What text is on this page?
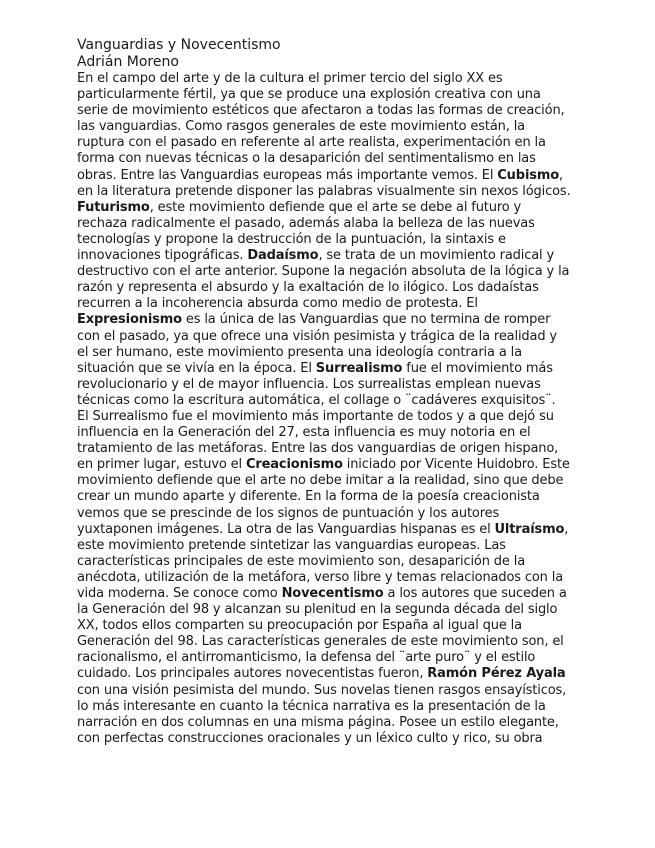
Vanguardias y Novecentismo
Adrián Moreno
En el campo del arte y de la cultura el primer tercio del siglo XX es
particularmente fértil, ya que se produce una explosión creativa con una
serie de movimiento estéticos que afectaron a todas las formas de creación,
las vanguardias. Como rasgos generales de este movimiento están, la
ruptura con el pasado en referente al arte realista, experimentación en la
forma con nuevas técnicas o la desaparición del sentimentalismo en las
obras. Entre las Vanguardias europeas más importante vemos. El Cubismo,
en la literatura pretende disponer las palabras visualmente sin nexos lógicos.
Futurismo, este movimiento defiende que el arte se debe al futuro y
rechaza radicalmente el pasado, además alaba la belleza de las nuevas
tecnologías y propone la destrucción de la puntuación, la sintaxis e
innovaciones tipográficas. Dadaísmo, se trata de un movimiento radical y
destructivo con el arte anterior. Supone la negación absoluta de la lógica y la
razón y representa el absurdo y la exaltación de lo ilógico. Los dadaístas
recurren a la incoherencia absurda como medio de protesta. El
Expresionismo es la única de las Vanguardias que no termina de romper
con el pasado, ya que ofrece una visión pesimista y trágica de la realidad y
el ser humano, este movimiento presenta una ideología contraria a la
situación que se vivía en la época. El Surrealismo fue el movimiento más
revolucionario y el de mayor influencia. Los surrealistas emplean nuevas
técnicas como la escritura automática, el collage o ¨cadáveres exquisitos¨.
El Surrealismo fue el movimiento más importante de todos y a que dejó su
influencia en la Generación del 27, esta influencia es muy notoria en el
tratamiento de las metáforas. Entre las dos vanguardias de origen hispano,
en primer lugar, estuvo el Creacionismo iniciado por Vicente Huidobro. Este
movimiento defiende que el arte no debe imitar a la realidad, sino que debe
crear un mundo aparte y diferente. En la forma de la poesía creacionista
vemos que se prescinde de los signos de puntuación y los autores
yuxtaponen imágenes. La otra de las Vanguardias hispanas es el Ultraísmo,
este movimiento pretende sintetizar las vanguardias europeas. Las
características principales de este movimiento son, desaparición de la
anécdota, utilización de la metáfora, verso libre y temas relacionados con la
vida moderna. Se conoce como Novecentismo a los autores que suceden a
la Generación del 98 y alcanzan su plenitud en la segunda década del siglo
XX, todos ellos comparten su preocupación por España al igual que la
Generación del 98. Las características generales de este movimiento son, el
racionalismo, el antirromanticismo, la defensa del ¨arte puro¨ y el estilo
cuidado. Los principales autores novecentistas fueron, Ramón Pérez Ayala
con una visión pesimista del mundo. Sus novelas tienen rasgos ensayísticos,
lo más interesante en cuanto la técnica narrativa es la presentación de la
narración en dos columnas en una misma página. Posee un estilo elegante,
con perfectas construcciones oracionales y un léxico culto y rico, su obra
